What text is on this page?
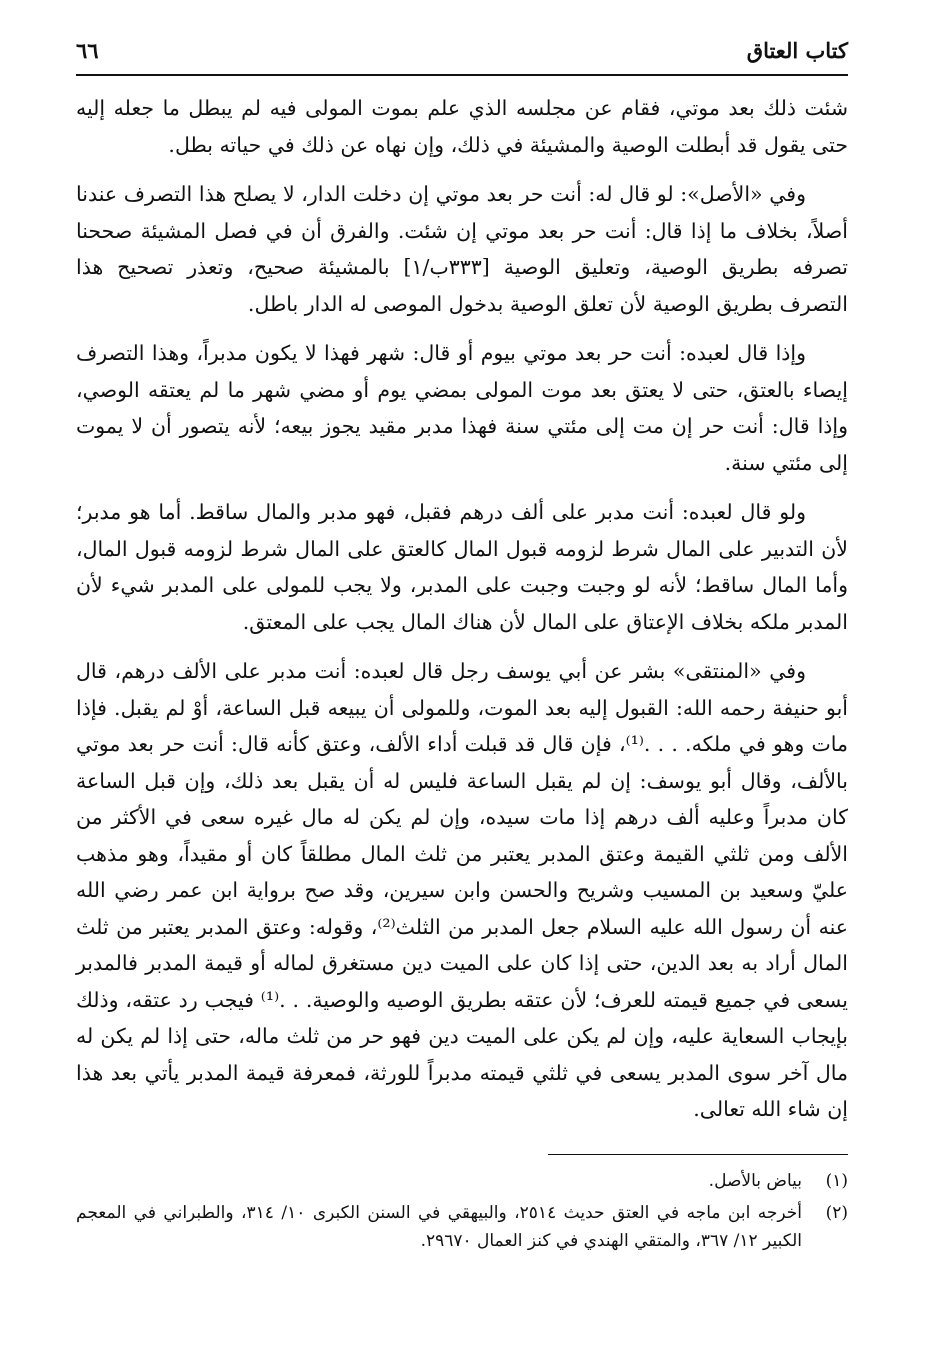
كتاب العتاق
٦٦

شئت ذلك بعد موتي، فقام عن مجلسه الذي علم بموت المولى فيه لم يبطل ما جعله إليه حتى يقول قد أبطلت الوصية والمشيئة في ذلك، وإن نهاه عن ذلك في حياته بطل.

وفي «الأصل»: لو قال له: أنت حر بعد موتي إن دخلت الدار، لا يصلح هذا التصرف عندنا أصلاً، بخلاف ما إذا قال: أنت حر بعد موتي إن شئت. والفرق أن في فصل المشيئة صححنا تصرفه بطريق الوصية، وتعليق الوصية [٣٣٣ب/١] بالمشيئة صحيح، وتعذر تصحيح هذا التصرف بطريق الوصية لأن تعلق الوصية بدخول الموصى له الدار باطل.

وإذا قال لعبده: أنت حر بعد موتي بيوم أو قال: شهر فهذا لا يكون مدبراً، وهذا التصرف إيصاء بالعتق، حتى لا يعتق بعد موت المولى بمضي يوم أو مضي شهر ما لم يعتقه الوصي، وإذا قال: أنت حر إن مت إلى مئتي سنة فهذا مدبر مقيد يجوز بيعه؛ لأنه يتصور أن لا يموت إلى مئتي سنة.

ولو قال لعبده: أنت مدبر على ألف درهم فقبل، فهو مدبر والمال ساقط. أما هو مدبر؛ لأن التدبير على المال شرط لزومه قبول المال كالعتق على المال شرط لزومه قبول المال، وأما المال ساقط؛ لأنه لو وجبت وجبت على المدبر، ولا يجب للمولى على المدبر شيء لأن المدبر ملكه بخلاف الإعتاق على المال لأن هناك المال يجب على المعتق.

وفي «المنتقى» بشر عن أبي يوسف رجل قال لعبده: أنت مدبر على الألف درهم، قال أبو حنيفة رحمه الله: القبول إليه بعد الموت، وللمولى أن يبيعه قبل الساعة، أوْ لم يقبل. فإذا مات وهو في ملكه. . . .⁽¹⁾، فإن قال قد قبلت أداء الألف، وعتق كأنه قال: أنت حر بعد موتي بالألف، وقال أبو يوسف: إن لم يقبل الساعة فليس له أن يقبل بعد ذلك، وإن قبل الساعة كان مدبراً وعليه ألف درهم إذا مات سيده، وإن لم يكن له مال غيره سعى في الأكثر من الألف ومن ثلثي القيمة وعتق المدبر يعتبر من ثلث المال مطلقاً كان أو مقيداً، وهو مذهب عليّ وسعيد بن المسيب وشريح والحسن وابن سيرين، وقد صح برواية ابن عمر رضي الله عنه أن رسول الله عليه السلام جعل المدبر من الثلث⁽²⁾، وقوله: وعتق المدبر يعتبر من ثلث المال أراد به بعد الدين، حتى إذا كان على الميت دين مستغرق لماله أو قيمة المدبر فالمدبر يسعى في جميع قيمته للعرف؛ لأن عتقه بطريق الوصيه والوصية. . .⁽¹⁾ فيجب رد عتقه، وذلك بإيجاب السعاية عليه، وإن لم يكن على الميت دين فهو حر من ثلث ماله، حتى إذا لم يكن له مال آخر سوى المدبر يسعى في ثلثي قيمته مدبراً للورثة، فمعرفة قيمة المدبر يأتي بعد هذا إن شاء الله تعالى.

(١)
بياض بالأصل.
(٢)
أخرجه ابن ماجه في العتق حديث ٢٥١٤، والبيهقي في السنن الكبرى ١٠/ ٣١٤، والطبراني في المعجم الكبير ١٢/ ٣٦٧، والمتقي الهندي في كنز العمال ٢٩٦٧٠.
